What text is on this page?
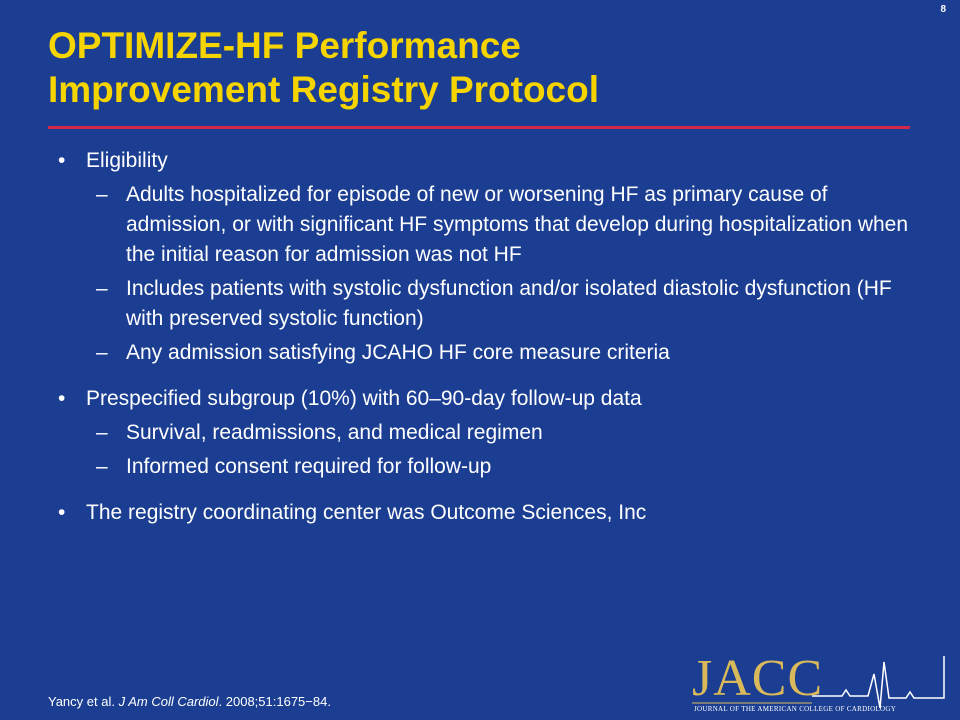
8
OPTIMIZE-HF Performance
Improvement Registry Protocol
• Eligibility
– Adults hospitalized for episode of new or worsening HF as primary cause of admission, or with significant HF symptoms that develop during hospitalization when the initial reason for admission was not HF
– Includes patients with systolic dysfunction and/or isolated diastolic dysfunction (HF with preserved systolic function)
– Any admission satisfying JCAHO HF core measure criteria
• Prespecified subgroup (10%) with 60–90-day follow-up data
– Survival, readmissions, and medical regimen
– Informed consent required for follow-up
• The registry coordinating center was Outcome Sciences, Inc
Yancy et al. J Am Coll Cardiol. 2008;51:1675−84.	JACC
JOURNAL OF THE AMERICAN COLLEGE OF CARDIOLOGY
